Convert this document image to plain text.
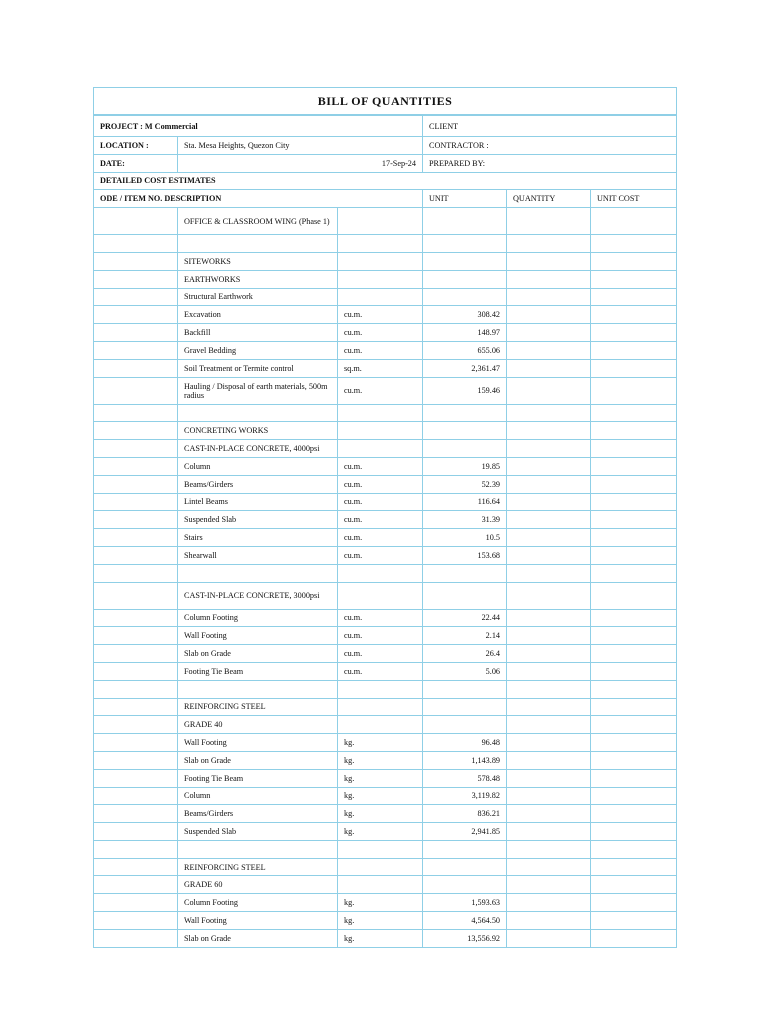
BILL OF QUANTITIES						
PROJECT : M Commercial			CLIENT			
LOCATION :	Sta. Mesa Heights, Quezon City		CONTRACTOR :			
DATE:	17-Sep-24		PREPARED BY:			
DETAILED COST ESTIMATES						
ODE / ITEM NO. DESCRIPTION			UNIT	QUANTITY	UNIT COST	
	OFFICE & CLASSROOM WING (Phase 1)					

	SITEWORKS					
	EARTHWORKS					
	Structural Earthwork					
	Excavation	cu.m.	308.42			
	Backfill	cu.m.	148.97			
	Gravel Bedding	cu.m.	655.06			
	Soil Treatment or Termite control	sq.m.	2,361.47			
	Hauling / Disposal of earth materials, 500m radius	cu.m.	159.46			

	CONCRETING WORKS					
	CAST-IN-PLACE CONCRETE, 4000psi					
	Column	cu.m.	19.85			
	Beams/Girders	cu.m.	52.39			
	Lintel Beams	cu.m.	116.64			
	Suspended Slab	cu.m.	31.39			
	Stairs	cu.m.	10.5			
	Shearwall	cu.m.	153.68			

	CAST-IN-PLACE CONCRETE, 3000psi					
	Column Footing	cu.m.	22.44			
	Wall Footing	cu.m.	2.14			
	Slab on Grade	cu.m.	26.4			
	Footing Tie Beam	cu.m.	5.06			

	REINFORCING STEEL					
	GRADE 40					
	Wall Footing	kg.	96.48			
	Slab on Grade	kg.	1,143.89			
	Footing Tie Beam	kg.	578.48			
	Column	kg.	3,119.82			
	Beams/Girders	kg.	836.21			
	Suspended Slab	kg.	2,941.85			

	REINFORCING STEEL					
	GRADE 60					
	Column Footing	kg.	1,593.63			
	Wall Footing	kg.	4,564.50			
	Slab on Grade	kg.	13,556.92			
